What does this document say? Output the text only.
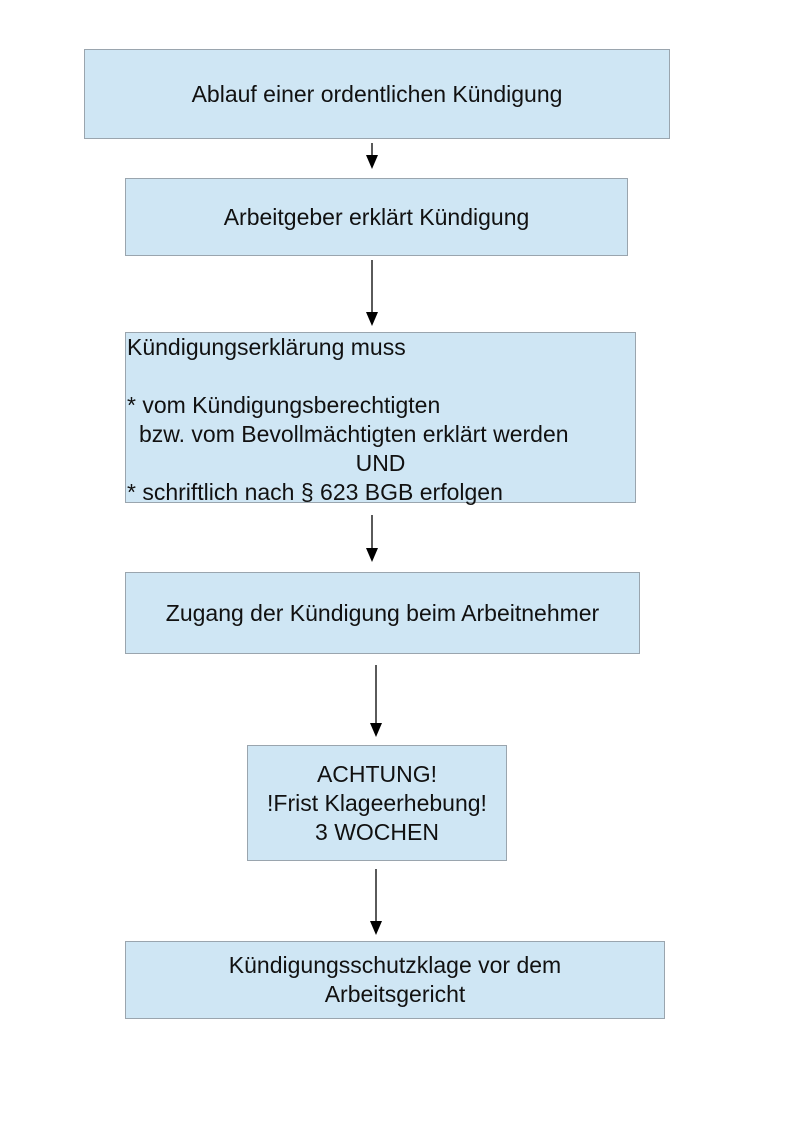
Ablauf einer ordentlichen Kündigung
Arbeitgeber erklärt Kündigung
Kündigungserklärung muss
* vom Kündigungsberechtigten
bzw. vom Bevollmächtigten erklärt werden
UND
* schriftlich nach § 623 BGB erfolgen
Zugang der Kündigung beim Arbeitnehmer
ACHTUNG!
!Frist Klageerhebung!
3 WOCHEN
Kündigungsschutzklage vor dem
Arbeitsgericht
